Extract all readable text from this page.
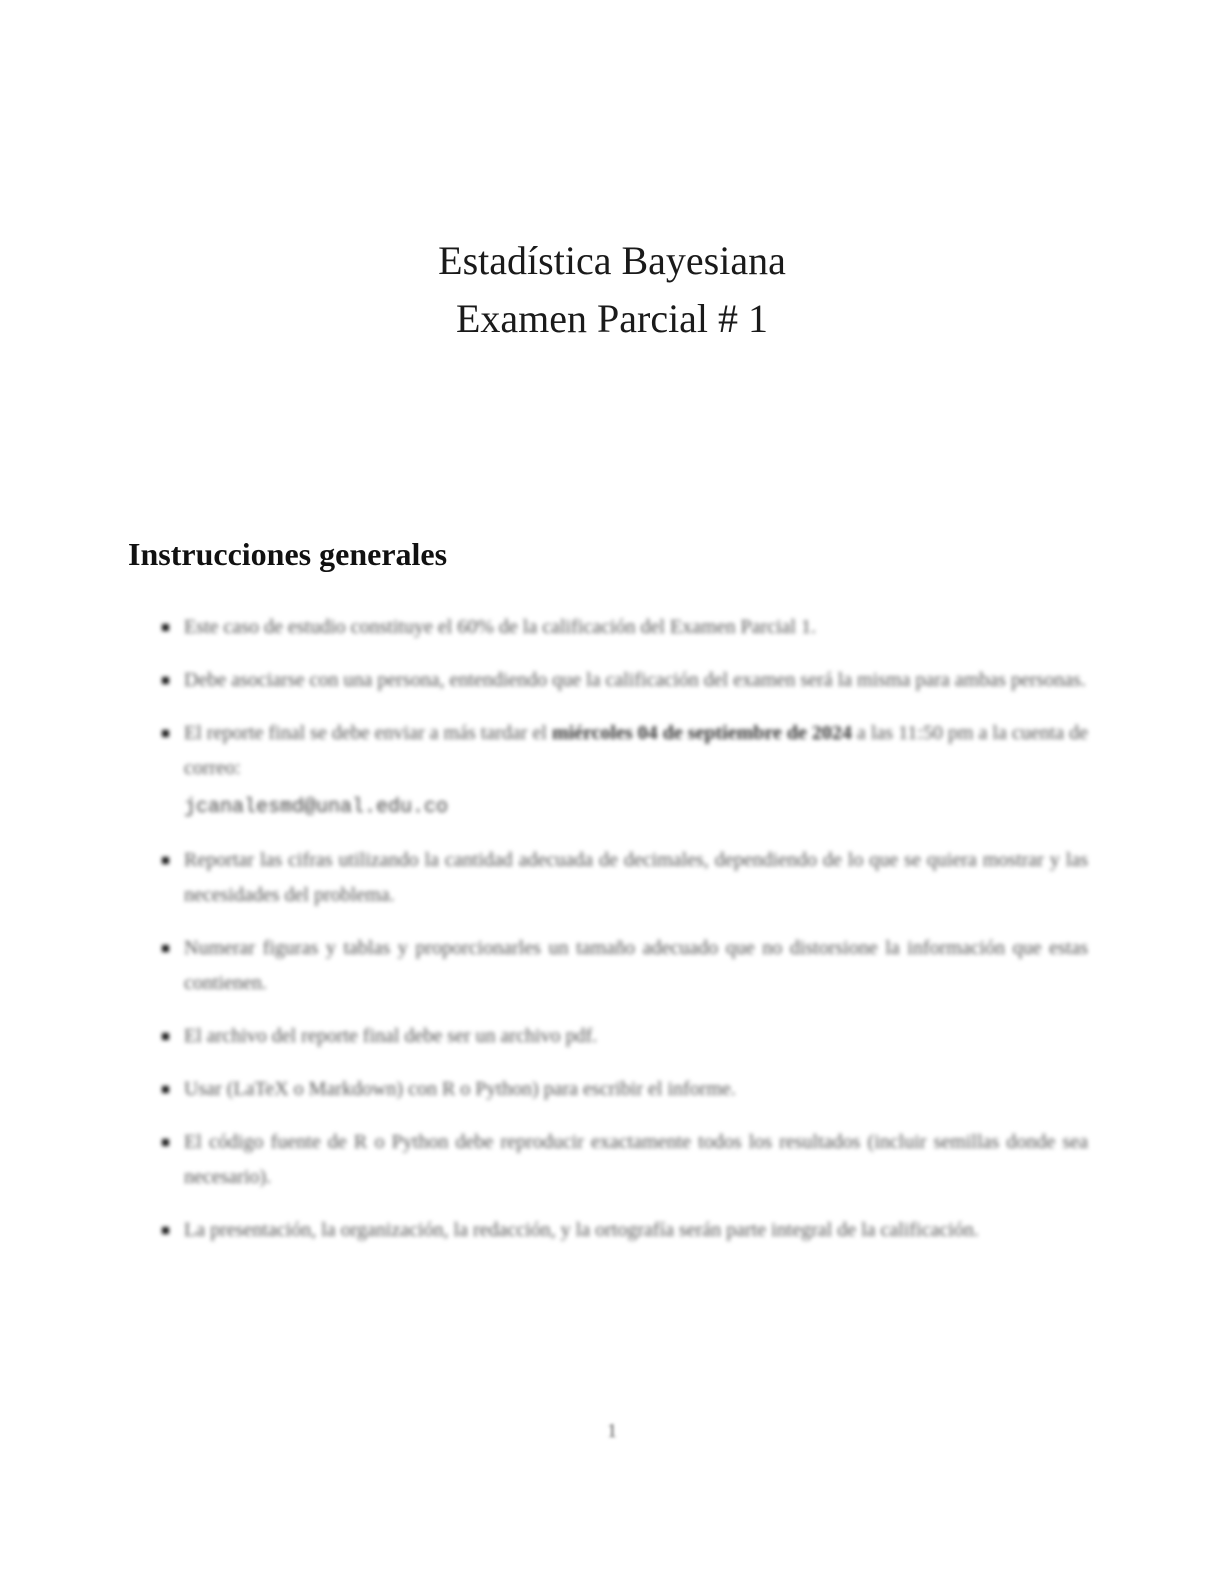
Estadística Bayesiana
Examen Parcial # 1
Instrucciones generales
Este caso de estudio constituye el 60% de la calificación del Examen Parcial 1.
Debe asociarse con una persona, entendiendo que la calificación del examen será la misma para ambas personas.
El reporte final se debe enviar a más tardar el miércoles 04 de septiembre de 2024 a las 11:50 pm a la cuenta de correo:
jcanalesmd@unal.edu.co
Reportar las cifras utilizando la cantidad adecuada de decimales, dependiendo de lo que se quiera mostrar y las necesidades del problema.
Numerar figuras y tablas y proporcionarles un tamaño adecuado que no distorsione la información que estas contienen.
El archivo del reporte final debe ser un archivo pdf.
Usar (LaTeX o Markdown) con R o Python) para escribir el informe.
El código fuente de R o Python debe reproducir exactamente todos los resultados (incluir semillas donde sea necesario).
La presentación, la organización, la redacción, y la ortografía serán parte integral de la calificación.
1
